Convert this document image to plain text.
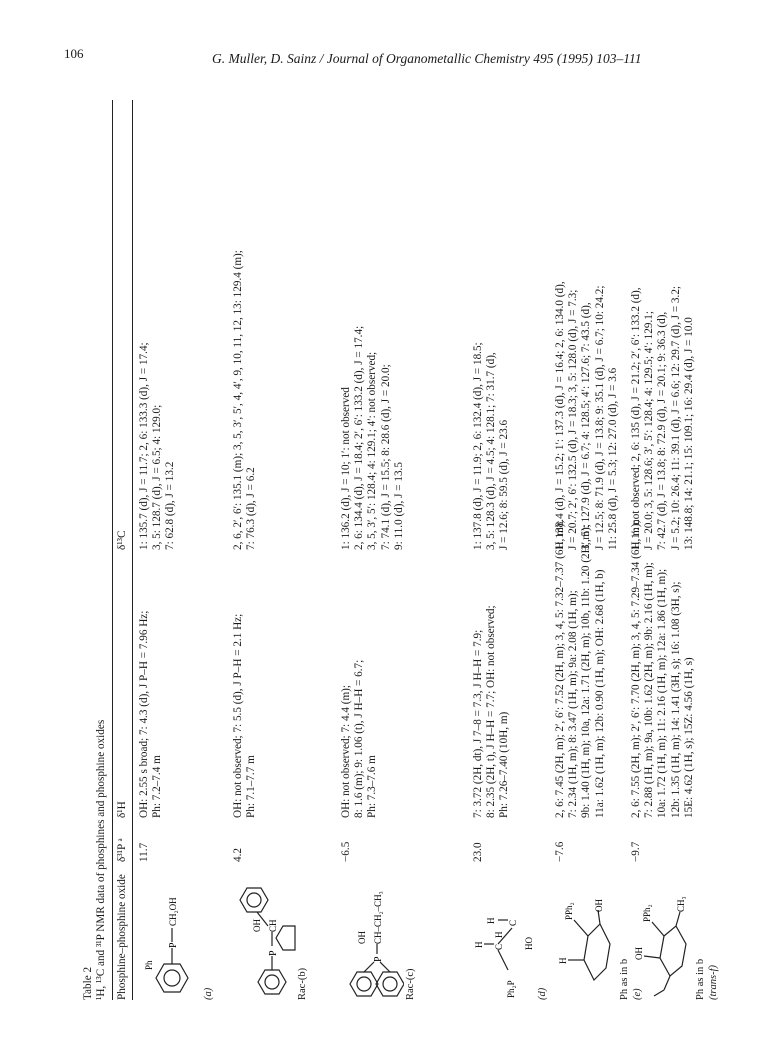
106	G. Muller, D. Sainz / Journal of Organometallic Chemistry 495 (1995) 103–111
Table 2 ¹H, ¹³C and ³¹P NMR data of phosphines and phosphine oxides Phosphine–phosphine oxide
δ³¹P ᵃ
δ¹H
δ¹³C
P
CH₂OH
Ph
(a)
11.7
OH: 2.55 s broad; 7: 4.3 (d), J P–H = 7.96 Hz; Ph: 7.2–7.4 m
1: 135.7 (d), J = 11.7; 2, 6: 133.3 (d), J = 17.4; 3, 5: 128.7 (d), J = 6.5; 4: 129.0; 7: 62.8 (d), J = 13.2
P
CH
OH
Rac-(b)
4.2
OH: not observed; 7: 5.5 (d), J P–H = 2.1 Hz; Ph: 7.1–7.7 m
2, 6, 2′, 6′: 135.1 (m); 3, 5, 3′, 5′, 4, 4′, 9, 10, 11, 12, 13: 129.4 (m); 7: 76.3 (d), J = 6.2
P
CH–CH₂–CH₃
OH
Rac-(c)
−6.5
OH: not observed; 7: 4.4 (m); 8: 1.6 (m); 9: 1.06 (t), J H–H = 6.7; Ph: 7.3–7.6 m
1: 136.2 (d), J = 10; 1′: not observed 2, 6: 134.4 (d), J = 18.4; 2′, 6′: 133.2 (d), J = 17.4; 3, 5, 3′, 5′: 128.4; 4: 129.1; 4′: not observed; 7: 74.1 (d), J = 15.5; 8: 28.6 (d), J = 20.0; 9: 11.0 (d), J = 13.5
Ph₂P
C
C
H
H
H
HO
(d)
23.0
7: 3.72 (2H, dt), J 7–8 = 7.3, J H–H = 7.9; 8: 2.35 (2H, t), J H–H = 7.7; OH: not observed; Ph: 7.26–7.40 (10H, m)
1: 137.8 (d), J = 11.9; 2, 6: 132.4 (d), J = 18.5; 3, 5: 128.3 (d), J = 4.5; 4: 128.1; 7: 31.7 (d), J = 12.6; 8: 59.5 (d), J = 23.6
PPh₂ OH
H	Ph as in b (e)
−7.6
2, 6: 7.45 (2H, m); 2′, 6′: 7.52 (2H, m); 3, 4, 5: 7.32–7.37 (6H, m); 7: 2.34 (1H, m); 8: 3.47 (1H, m); 9a: 2.08 (1H, m); 9b: 1.40 (1H, m); 10a, 12a: 1.71 (2H, m); 10b, 11b: 1.20 (2H, m); 11a: 1.62 (1H, m); 12b: 0.90 (1H, m); OH: 2.68 (1H, b)
1: 138.4 (d), J = 15.2; 1′: 137.3 (d), J = 16.4; 2, 6: 134.0 (d), J = 20.7; 2′, 6′: 132.5 (d), J = 18.3; 3, 5: 128.0 (d), J = 7.3; 3′, 5′: 127.9 (d), J = 6.7; 4: 128.5; 4′: 127.6; 7: 43.5 (d), J = 12.5; 8: 71.9 (d), J = 13.8; 9: 35.1 (d), J = 6.7; 10: 24.2; 11: 25.8 (d), J = 5.3; 12: 27.0 (d), J = 3.6
PPh₂
OH
CH₃
Ph as in b (trans-f)
−9.7
2, 6: 7.55 (2H, m); 2′, 6′: 7.70 (2H, m); 3, 4, 5: 7.29–7.34 (6H, m); 7: 2.88 (1H, m); 9a, 10b: 1.62 (2H, m); 9b: 2.16 (1H, m); 10a: 1.72 (1H, m); 11: 2.16 (1H, m); 12a: 1.86 (1H, m); 12b: 1.35 (1H, m); 14: 1.41 (3H, s); 16: 1.08 (3H, s); 15E: 4.62 (1H, s); 15Z: 4.56 (1H, s)
1, 1′: not observed; 2, 6: 135 (d), J = 21.2; 2′, 6′: 133.2 (d), J = 20.0; 3, 5: 128.6; 3′, 5′: 128.4; 4: 129.5; 4′: 129.1; 7: 42.7 (d), J = 13.8; 8: 72.9 (d), J = 20.1; 9: 36.3 (d), J = 5.2; 10: 26.4; 11: 39.1 (d), J = 6.6; 12: 29.7 (d), J = 3.2; 13: 148.8; 14: 21.1; 15: 109.1; 16: 29.4 (d), J = 10.0
